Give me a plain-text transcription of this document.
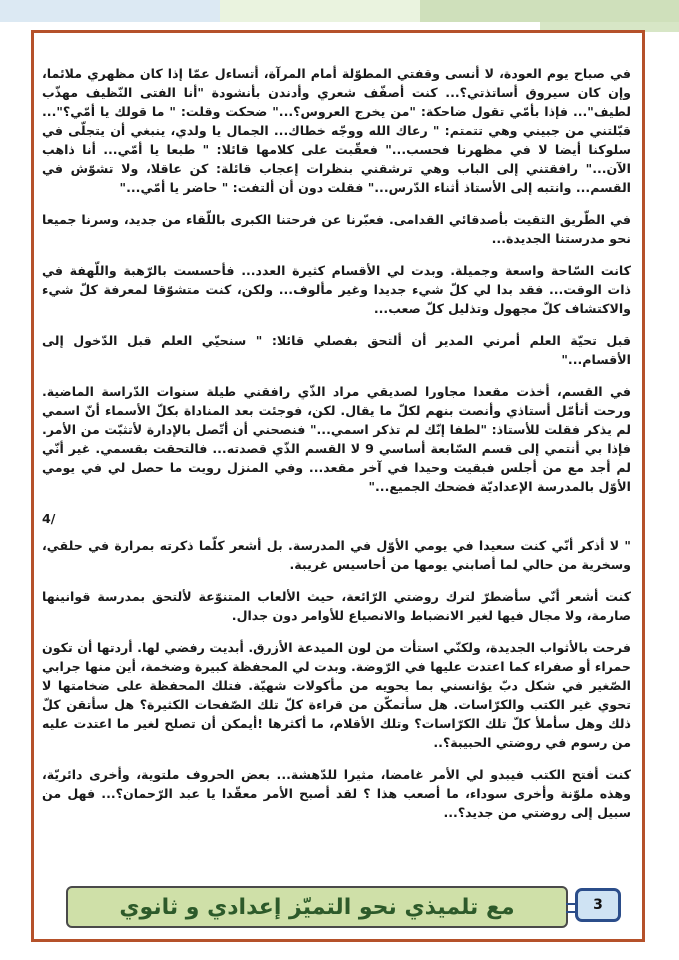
في صباح يوم العودة، لا أنسى وقفتي المطوّلة أمام المرآة، أتساءل عمّا إذا كان مظهري ملائما، وإن كان سيروق أساتذتي؟... كنت أصفّف شعري وأدندن بأنشودة "أنا الفتى النّظيف مهذّب لطيف"... فإذا بأمّي تقول ضاحكة: "من يخرج العروس؟..." ضحكت وقلت: " ما قولك يا أمّي؟"... قبّلتني من جبيني وهي تتمتم: " رعاك الله ووجّه خطاك... الجمال يا ولدي، ينبغي أن يتجلّى في سلوكنا أيضا لا في مظهرنا فحسب..." فعقّبت على كلامها قائلا: " طبعا يا أمّي... أنا ذاهب الآن..." رافقتني إلى الباب وهي ترشقني بنظرات إعجاب قائلة: كن عاقلا، ولا تشوّش في القسم... وانتبه إلى الأستاذ أثناء الدّرس..." فقلت دون أن ألتفت: " حاضر يا أمّي..."

في الطّريق التقيت بأصدقائي القدامى. فعبّرنا عن فرحتنا الكبرى باللّقاء من جديد، وسرنا جميعا نحو مدرستنا الجديدة...

كانت السّاحة واسعة وجميلة. وبدت لي الأقسام كثيرة العدد... فأحسست بالرّهبة واللّهفة في ذات الوقت... فقد بدا لي كلّ شيء جديدا وغير مألوف... ولكن، كنت متشوّقا لمعرفة كلّ شيء والاكتشاف كلّ مجهول وتذليل كلّ صعب...

قبل تحيّة العلم أمرني المدير أن ألتحق بفصلي قائلا: " سنحيّي العلم قبل الدّخول إلى الأقسام..."

في القسم، أخذت مقعدا مجاورا لصديقي مراد الذّي رافقني طيلة سنوات الدّراسة الماضية. ورحت أتأمّل أستاذي وأنصت بنهم لكلّ ما يقال. لكن، فوجئت بعد المناداة بكلّ الأسماء أنّ اسمي لم يذكر فقلت للأستاذ: "لطفا إنّك لم تذكر اسمي..." فنصحني أن أتّصل بالإدارة لأتثبّت من الأمر. فإذا بي أنتمي إلى قسم السّابعة أساسي 9 لا القسم الذّي قصدته... فالتحقت بقسمي. غير أنّي لم أجد مع من أجلس فبقيت وحيدا في آخر مقعد... وفي المنزل رويت ما حصل لي في يومي الأوّل بالمدرسة الإعداديّة فضحك الجميع..."

4/

" لا أذكر أنّي كنت سعيدا في يومي الأوّل في المدرسة. بل أشعر كلّما ذكرته بمرارة في حلقي، وسخرية من حالي لما أصابني يومها من أحاسيس غريبة.

كنت أشعر أنّي سأضطرّ لترك روضتي الرّائعة، حيث الألعاب المتنوّعة لألتحق بمدرسة قوانينها صارمة، ولا مجال فيها لغير الانضباط والانصياع للأوامر دون جدال.

فرحت بالأثواب الجديدة، ولكنّي استأت من لون الميدعة الأزرق. أبديت رفضي لها. أردتها أن تكون حمراء أو صفراء كما اعتدت عليها في الرّوضة. وبدت لي المحفظة كبيرة وضخمة، أين منها جرابي الصّغير في شكل دبّ يؤانسني بما يحويه من مأكولات شهيّة. فتلك المحفظة على ضخامتها لا تحوي غير الكتب والكرّاسات. هل سأتمكّن من قراءة كلّ تلك الصّفحات الكثيرة؟ هل سأتقن كلّ ذلك وهل سأملأ كلّ تلك الكرّاسات؟ وتلك الأقلام، ما أكثرها !أيمكن أن تصلح لغير ما اعتدت عليه من رسوم في روضتي الحبيبة؟..

كنت أفتح الكتب فيبدو لي الأمر غامضا، مثيرا للدّهشة... بعض الحروف ملتوية، وأخرى دائريّة، وهذه ملوّنة وأخرى سوداء، ما أصعب هذا ؟ لقد أصبح الأمر معقّدا يا عبد الرّحمان؟... فهل من سبيل إلى روضتي من جديد؟...

مع تلميذي نحو التميّز إعدادي و ثانوي	3
